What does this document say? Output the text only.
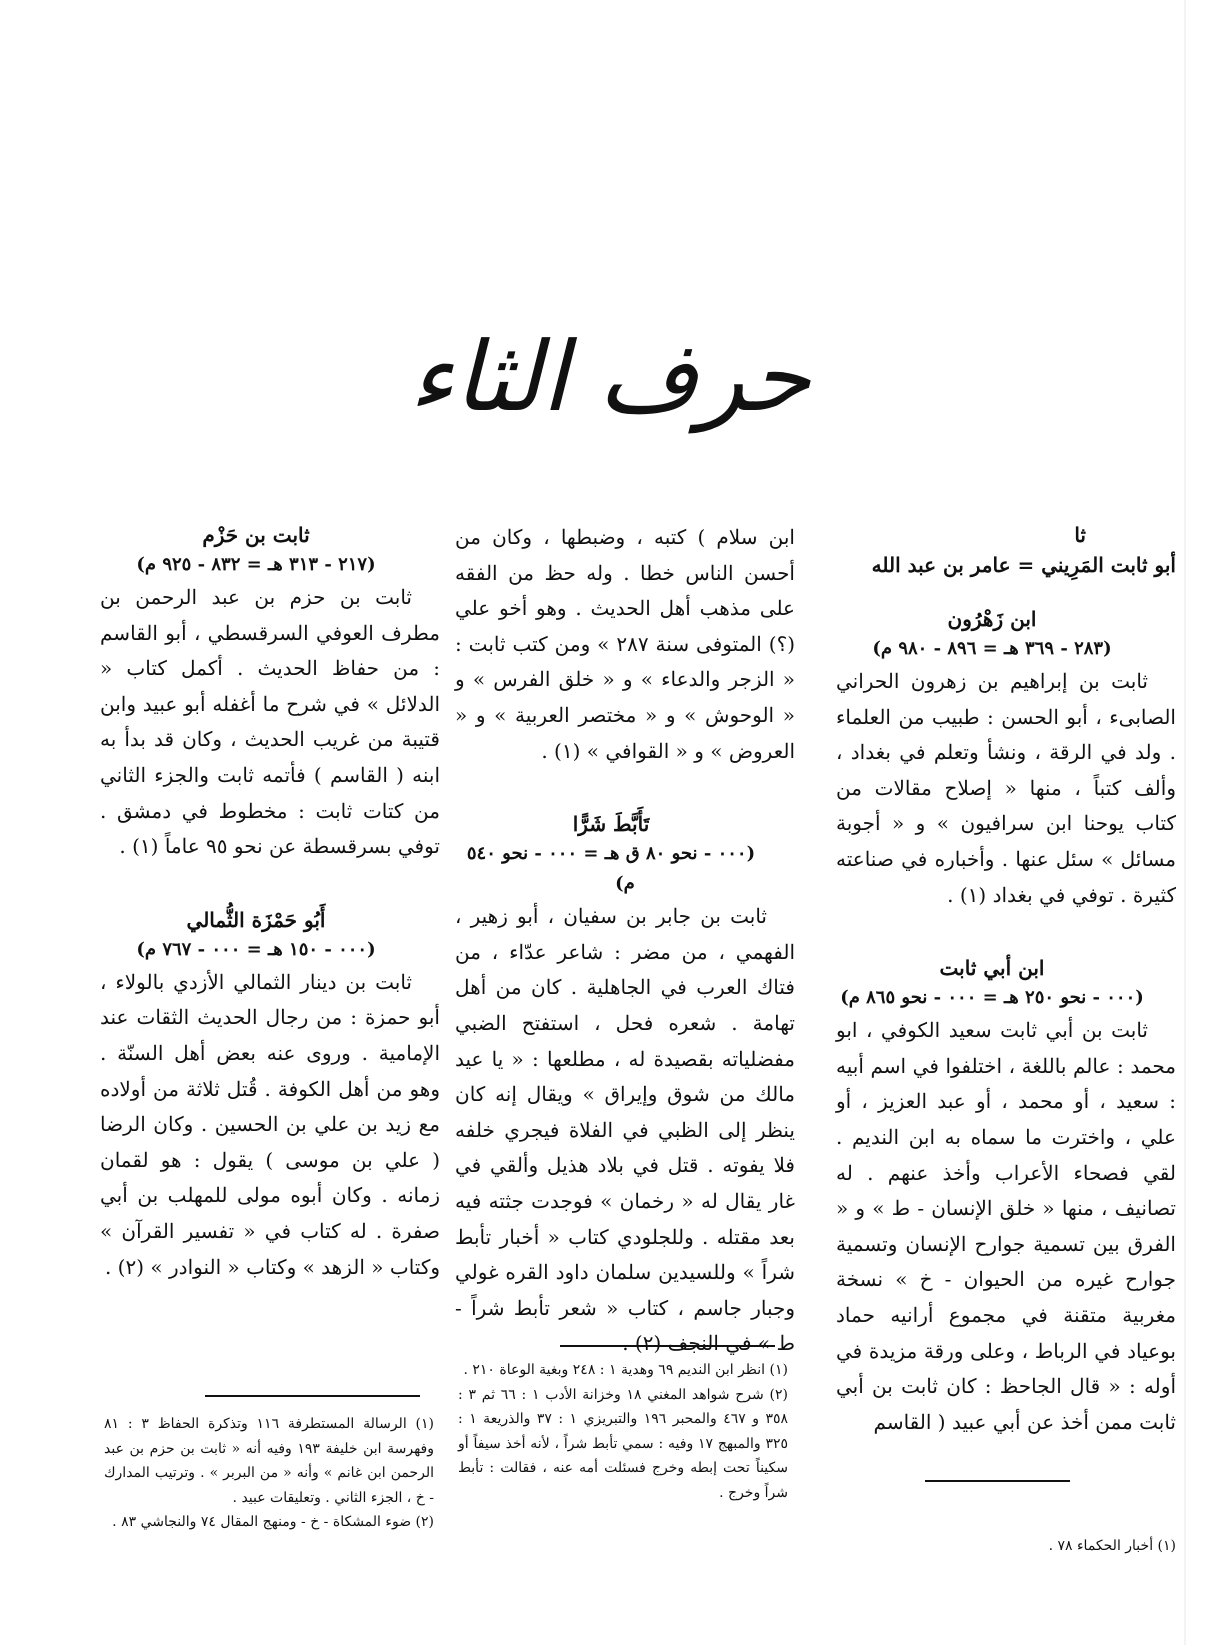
حرف الثاء

ثا

أبو ثابت المَرِيني = عامر بن عبد الله

ابن زَهْرُون

(٢٨٣ - ٣٦٩ هـ = ٨٩٦ - ٩٨٠ م)

ثابت بن إبراهيم بن زهرون الحراني الصابىء ، أبو الحسن : طبيب من العلماء . ولد في الرقة ، ونشأ وتعلم في بغداد ، وألف كتباً ، منها « إصلاح مقالات من كتاب يوحنا ابن سرافيون » و « أجوبة مسائل » سئل عنها . وأخباره في صناعته كثيرة . توفي في بغداد (١) .

ابن أبي ثابت

(٠٠٠ - نحو ٢٥٠ هـ = ٠٠٠ - نحو ٨٦٥ م)

ثابت بن أبي ثابت سعيد الكوفي ، ابو محمد : عالم باللغة ، اختلفوا في اسم أبيه : سعيد ، أو محمد ، أو عبد العزيز ، أو علي ، واخترت ما سماه به ابن النديم . لقي فصحاء الأعراب وأخذ عنهم . له تصانيف ، منها « خلق الإنسان - ط » و « الفرق بين تسمية جوارح الإنسان وتسمية جوارح غيره من الحيوان - خ » نسخة مغربية متقنة في مجموع أرانيه حماد بوعياد في الرباط ، وعلى ورقة مزيدة في أوله : « قال الجاحظ : كان ثابت بن أبي ثابت ممن أخذ عن أبي عبيد ( القاسم

ابن سلام ) كتبه ، وضبطها ، وكان من أحسن الناس خطا . وله حظ من الفقه على مذهب أهل الحديث . وهو أخو علي (؟) المتوفى سنة ٢٨٧ » ومن كتب ثابت : « الزجر والدعاء » و « خلق الفرس » و « الوحوش » و « مختصر العربية » و « العروض » و « القوافي » (١) .

تَأَبَّطَ شَرًّا

(٠٠٠ - نحو ٨٠ ق هـ = ٠٠٠ - نحو ٥٤٠ م)

ثابت بن جابر بن سفيان ، أبو زهير ، الفهمي ، من مضر : شاعر عدّاء ، من فتاك العرب في الجاهلية . كان من أهل تهامة . شعره فحل ، استفتح الضبي مفضلياته بقصيدة له ، مطلعها : « يا عيد مالك من شوق وإيراق » ويقال إنه كان ينظر إلى الظبي في الفلاة فيجري خلفه فلا يفوته . قتل في بلاد هذيل وألقي في غار يقال له « رخمان » فوجدت جثته فيه بعد مقتله . وللجلودي كتاب « أخبار تأبط شراً » وللسيدين سلمان داود القره غولي وجبار جاسم ، كتاب « شعر تأبط شراً - ط » في النجف (٢) .

ثابت بن حَزْم

(٢١٧ - ٣١٣ هـ = ٨٣٢ - ٩٢٥ م)

ثابت بن حزم بن عبد الرحمن بن مطرف العوفي السرقسطي ، أبو القاسم : من حفاظ الحديث . أكمل كتاب « الدلائل » في شرح ما أغفله أبو عبيد وابن قتيبة من غريب الحديث ، وكان قد بدأ به ابنه ( القاسم ) فأتمه ثابت والجزء الثاني من كتات ثابت : مخطوط في دمشق . توفي بسرقسطة عن نحو ٩٥ عاماً (١) .

أَبُو حَمْزَة الثُّمالي

(٠٠٠ - ١٥٠ هـ = ٠٠٠ - ٧٦٧ م)

ثابت بن دينار الثمالي الأزدي بالولاء ، أبو حمزة : من رجال الحديث الثقات عند الإمامية . وروى عنه بعض أهل السنّة . وهو من أهل الكوفة . قُتل ثلاثة من أولاده مع زيد بن علي بن الحسين . وكان الرضا ( علي بن موسى ) يقول : هو لقمان زمانه . وكان أبوه مولى للمهلب بن أبي صفرة . له كتاب في « تفسير القرآن » وكتاب « الزهد » وكتاب « النوادر » (٢) .

(١) أخبار الحكماء ٧٨ .

(١) انظر ابن النديم ٦٩ وهدية ١ : ٢٤٨ وبغية الوعاة ٢١٠ .

(٢) شرح شواهد المغني ١٨ وخزانة الأدب ١ : ٦٦ ثم ٣ : ٣٥٨ و ٤٦٧ والمحبر ١٩٦ والتبريزي ١ : ٣٧ والذريعة ١ : ٣٢٥ والمبهج ١٧ وفيه : سمي تأبط شراً ، لأنه أخذ سيفاً أو سكيناً تحت إبطه وخرج فسئلت أمه عنه ، فقالت : تأبط شراً وخرج .

(١) الرسالة المستطرفة ١١٦ وتذكرة الحفاظ ٣ : ٨١ وفهرسة ابن خليفة ١٩٣ وفيه أنه « ثابت بن حزم بن عبد الرحمن ابن غانم » وأنه « من البربر » . وترتيب المدارك - خ ، الجزء الثاني . وتعليقات عبيد .

(٢) ضوء المشكاة - خ - ومنهج المقال ٧٤ والنجاشي ٨٣ .
